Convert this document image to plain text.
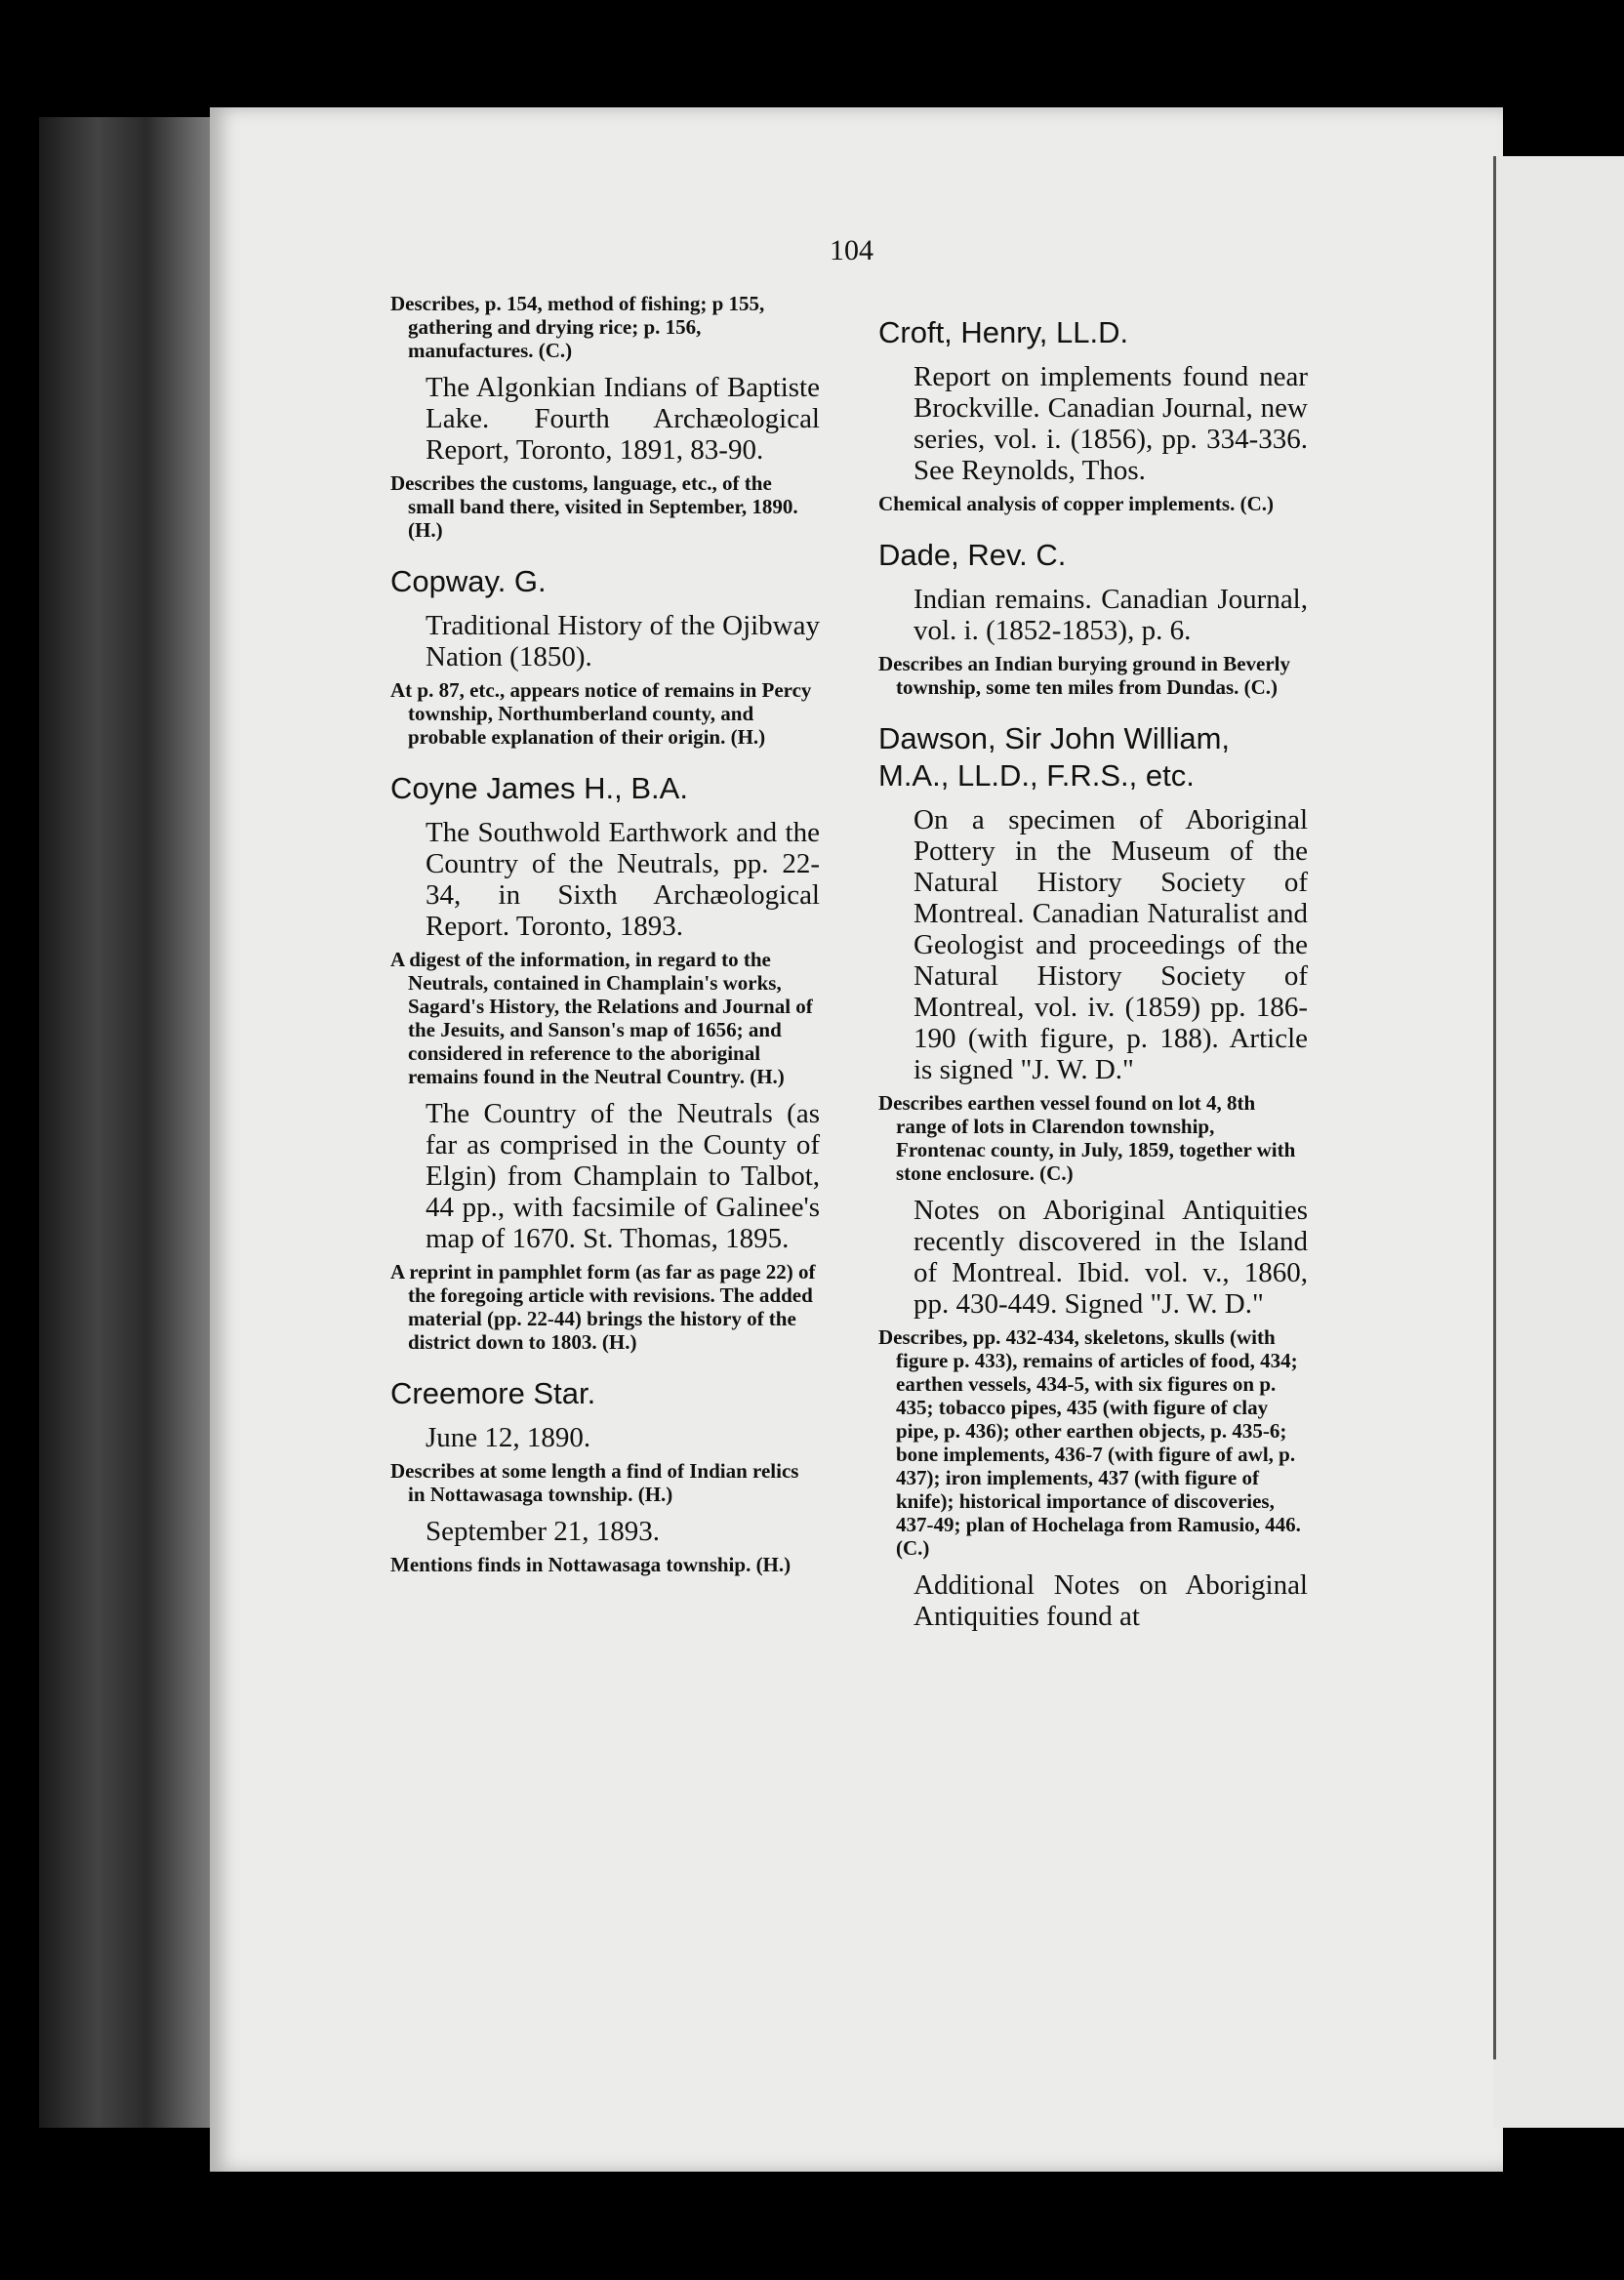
104
Describes, p. 154, method of fishing; p 155, gathering and drying rice; p. 156, manufactures. (C.)
The Algonkian Indians of Baptiste Lake. Fourth Archæological Report, Toronto, 1891, 83-90.
Describes the customs, language, etc., of the small band there, visited in September, 1890. (H.)
Copway. G.
Traditional History of the Ojibway Nation (1850).
At p. 87, etc., appears notice of remains in Percy township, Northumberland county, and probable explanation of their origin. (H.)
Coyne James H., B.A.
The Southwold Earthwork and the Country of the Neutrals, pp. 22-34, in Sixth Archæological Report. Toronto, 1893.
A digest of the information, in regard to the Neutrals, contained in Champlain's works, Sagard's History, the Relations and Journal of the Jesuits, and Sanson's map of 1656; and considered in reference to the aboriginal remains found in the Neutral Country. (H.)
The Country of the Neutrals (as far as comprised in the County of Elgin) from Champlain to Talbot, 44 pp., with facsimile of Galinee's map of 1670. St. Thomas, 1895.
A reprint in pamphlet form (as far as page 22) of the foregoing article with revisions. The added material (pp. 22-44) brings the history of the district down to 1803. (H.)
Creemore Star.
June 12, 1890.
Describes at some length a find of Indian relics in Nottawasaga township. (H.)
September 21, 1893.
Mentions finds in Nottawasaga township. (H.)
Croft, Henry, LL.D.
Report on implements found near Brockville. Canadian Journal, new series, vol. i. (1856), pp. 334-336. See Reynolds, Thos.
Chemical analysis of copper implements. (C.)
Dade, Rev. C.
Indian remains. Canadian Journal, vol. i. (1852-1853), p. 6.
Describes an Indian burying ground in Beverly township, some ten miles from Dundas. (C.)
Dawson, Sir John William, M.A., LL.D., F.R.S., etc.
On a specimen of Aboriginal Pottery in the Museum of the Natural History Society of Montreal. Canadian Naturalist and Geologist and proceedings of the Natural History Society of Montreal, vol. iv. (1859) pp. 186-190 (with figure, p. 188). Article is signed "J. W. D."
Describes earthen vessel found on lot 4, 8th range of lots in Clarendon township, Frontenac county, in July, 1859, together with stone enclosure. (C.)
Notes on Aboriginal Antiquities recently discovered in the Island of Montreal. Ibid. vol. v., 1860, pp. 430-449. Signed "J. W. D."
Describes, pp. 432-434, skeletons, skulls (with figure p. 433), remains of articles of food, 434; earthen vessels, 434-5, with six figures on p. 435; tobacco pipes, 435 (with figure of clay pipe, p. 436); other earthen objects, p. 435-6; bone implements, 436-7 (with figure of awl, p. 437); iron implements, 437 (with figure of knife); historical importance of discoveries, 437-49; plan of Hochelaga from Ramusio, 446. (C.)
Additional Notes on Aboriginal Antiquities found at
